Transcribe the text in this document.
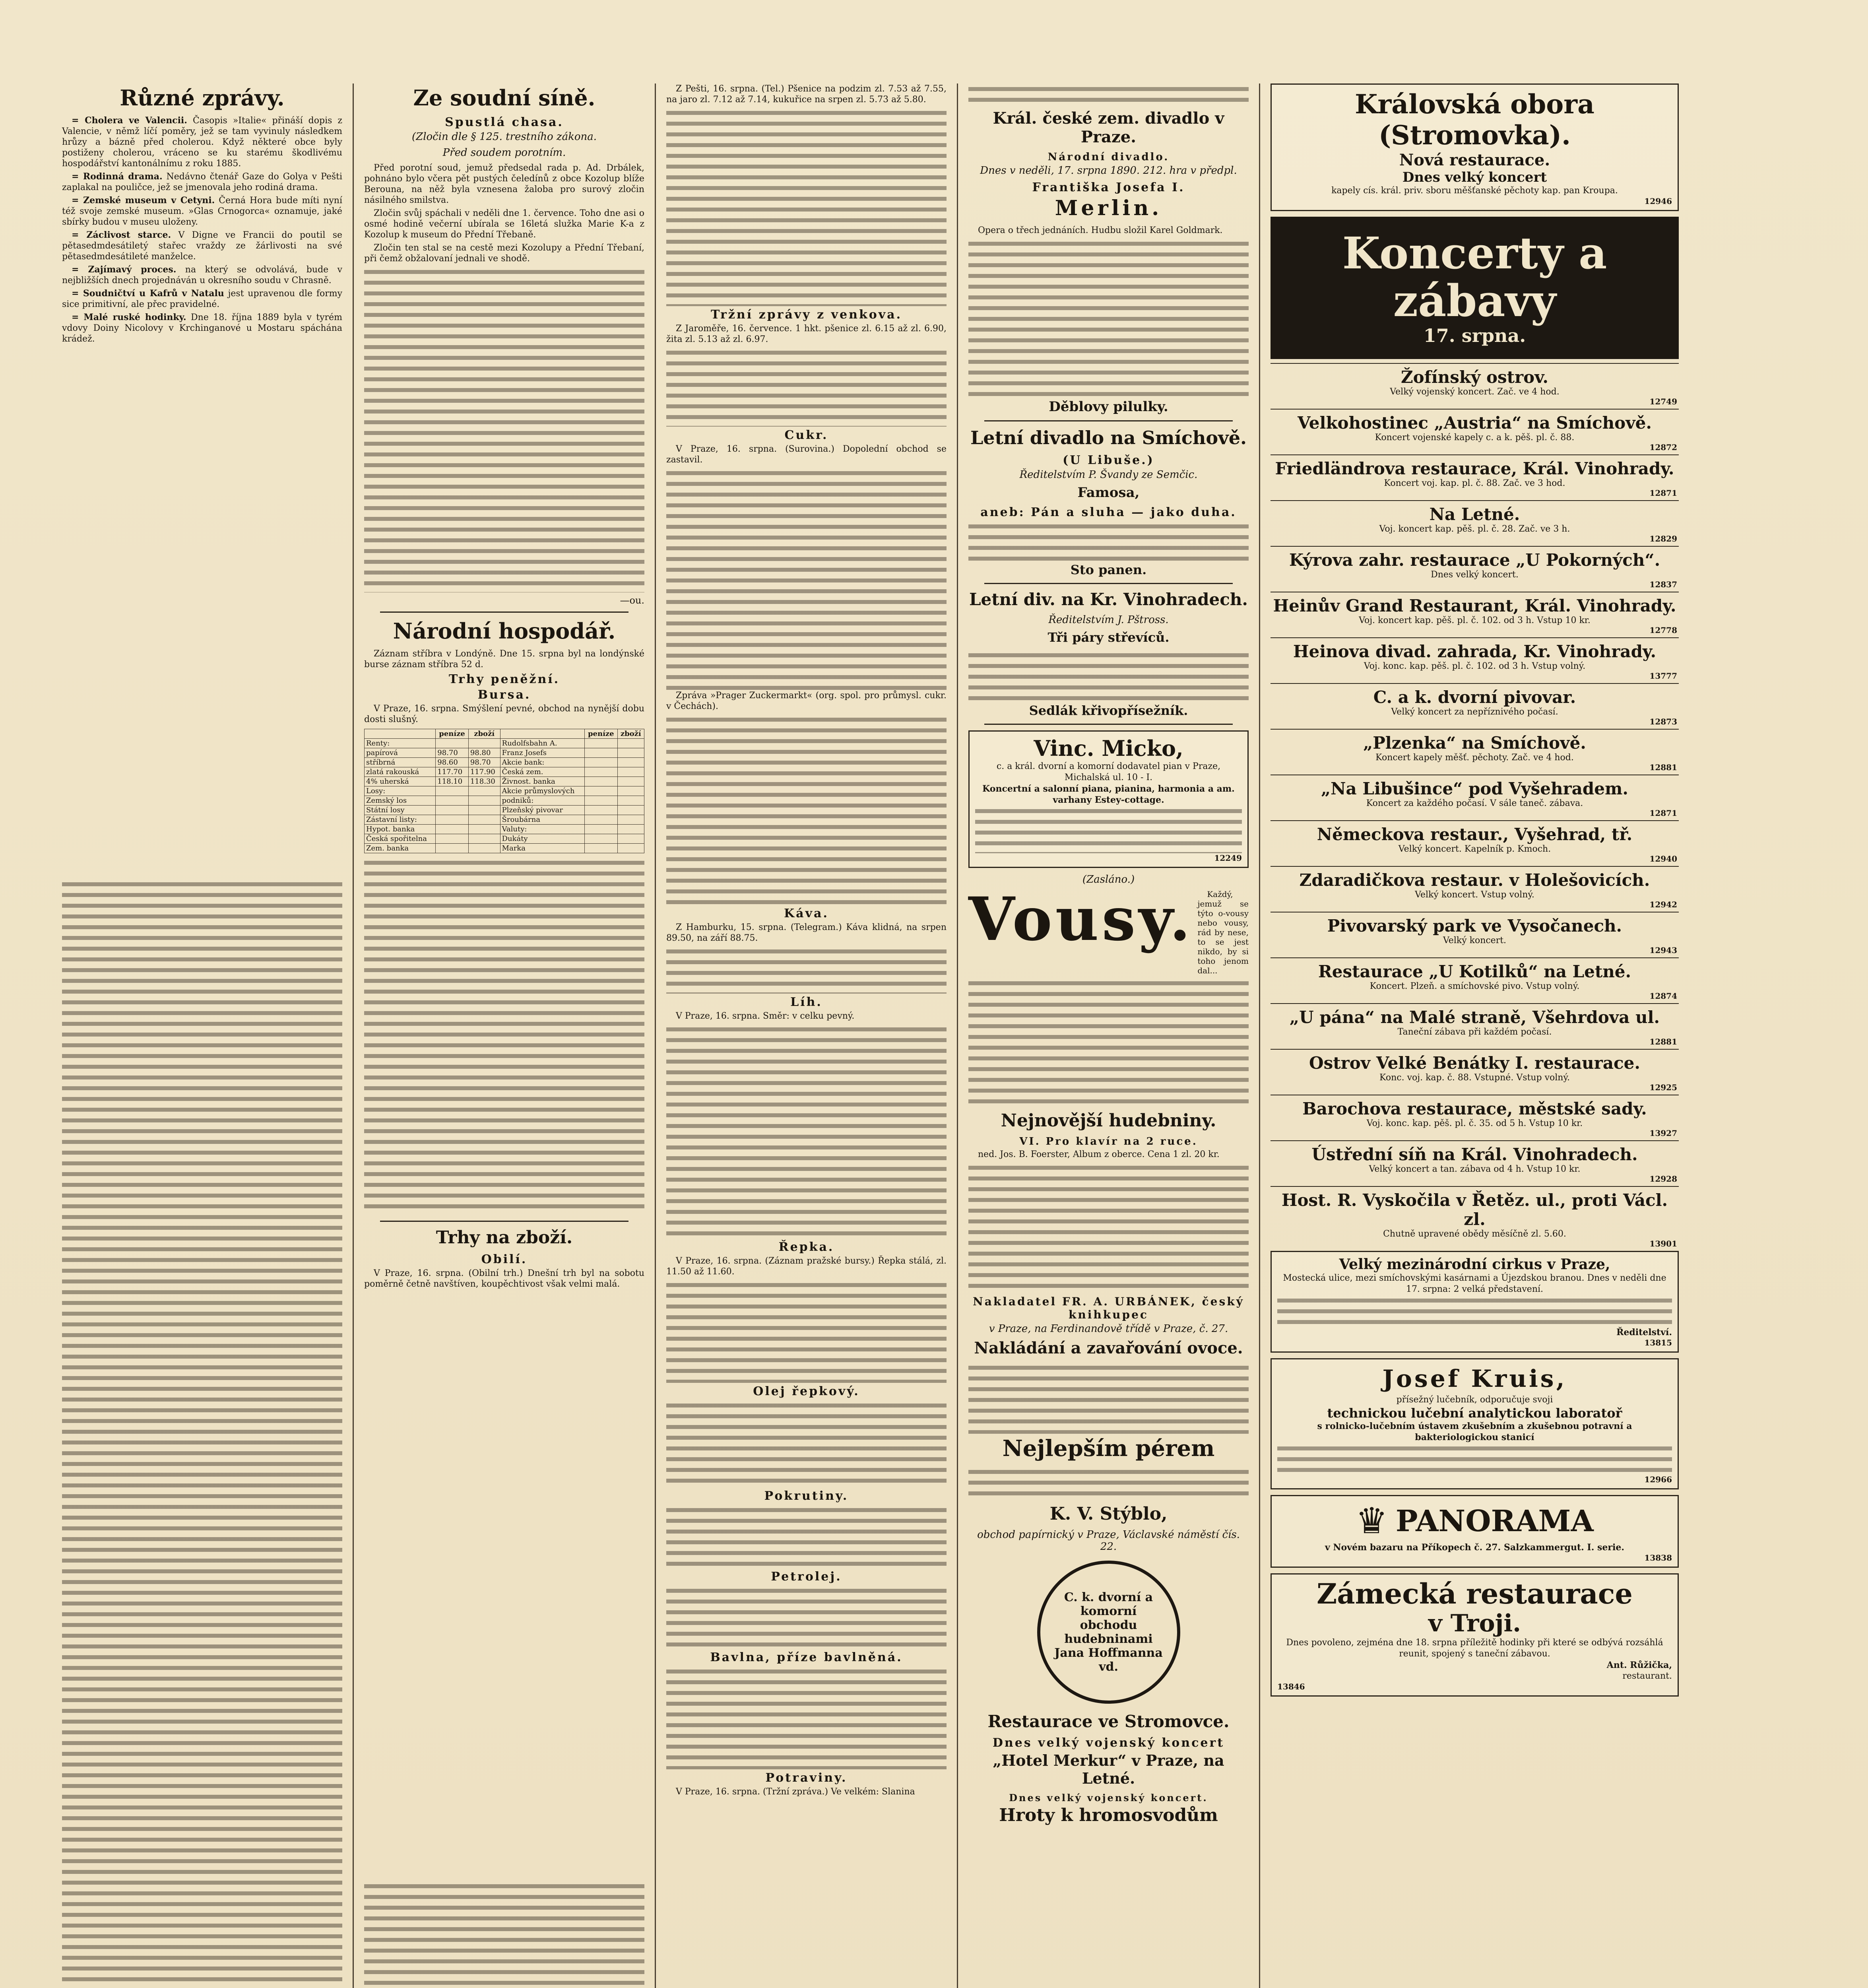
Různé zprávy.

= Cholera ve Valencii. Časopis »Italie« přináší dopis z Valencie, v němž líčí poměry, jež se tam vyvinuly následkem hrůzy a bázně před cholerou. Když některé obce byly postiženy cholerou, vráceno se ku starému škodlivému hospodářství kantonálnímu z roku 1885.

= Rodinná drama. Nedávno čtenář Gaze do Golya v Pešti zaplakal na pouličce, jež se jmenovala jeho rodiná drama.

= Zemské museum v Cetyni. Černá Hora bude míti nyní též svoje zemské museum. »Glas Crnogorca« oznamuje, jaké sbírky budou v museu uloženy.

= Záclivost starce. V Digne ve Francii do poutil se pětasedmdesátiletý stařec vraždy ze žárlivosti na své pětasedmdesátileté manželce.

= Zajímavý proces. na který se odvolává, bude v nejbližších dnech projednáván u okresního soudu v Chrasně.

= Soudničtví u Kafrů v Natalu jest upravenou dle formy sice primitivní, ale přec pravidelné.

= Malé ruské hodinky. Dne 18. října 1889 byla v tyrém vdovy Doiny Nicolovy v Krchinganové u Mostaru spáchána krádež.

Ze soudní síně.
Spustlá chasa.
(Zločin dle § 125. trestního zákona.
Před soudem porotním.

Před porotní soud, jemuž předsedal rada p. Ad. Drbálek, pohnáno bylo včera pět pustých čeledínů z obce Kozolup blíže Berouna, na něž byla vznesena žaloba pro surový zločin násilného smilstva.

Zločin svůj spáchali v neděli dne 1. července. Toho dne asi o osmé hodině večerní ubírala se 16letá služka Marie K-a z Kozolup k museum do Přední Třebaně.

Zločin ten stal se na cestě mezi Kozolupy a Přední Třebaní, při čemž obžalovaní jednali ve shodě.

—ou.
Národní hospodář.

Záznam stříbra v Londýně. Dne 15. srpna byl na londýnské burse záznam stříbra 52 d.

Trhy peněžní.
Bursa.

V Praze, 16. srpna. Smýšlení pevné, obchod na nynější dobu dosti slušný.

	peníze	zboží		peníze	zboží
Renty:			Rudolfsbahn A.		
papírová	98.70	98.80	Franz Josefs		
stříbrná	98.60	98.70	Akcie bank:		
zlatá rakouská	117.70	117.90	Česká zem.		
4% uherská	118.10	118.30	Živnost. banka		
Losy:			Akcie průmyslových		
Zemský los			podniků:		
Státní losy			Plzeňský pivovar		
Zástavní listy:			Šroubárna		
Hypot. banka			Valuty:		
Česká spořitelna			Dukáty		
Zem. banka			Marka		
Trhy na zboží.
Obilí.

V Praze, 16. srpna. (Obilní trh.) Dnešní trh byl na sobotu poměrně četně navštíven, koupěchtivost však velmi malá.

Z Pešti, 16. srpna. (Tel.) Pšenice na podzim zl. 7.53 až 7.55, na jaro zl. 7.12 až 7.14, kukuřice na srpen zl. 5.73 až 5.80.

Tržní zprávy z venkova.

Z Jaroměře, 16. července. 1 hkt. pšenice zl. 6.15 až zl. 6.90, žita zl. 5.13 až zl. 6.97.

Cukr.

V Praze, 16. srpna. (Surovina.) Dopolední obchod se zastavil.

Zpráva »Prager Zuckermarkt« (org. spol. pro průmysl. cukr. v Čechách).

Káva.

Z Hamburku, 15. srpna. (Telegram.) Káva klidná, na srpen 89.50, na září 88.75.

Líh.

V Praze, 16. srpna. Směr: v celku pevný.

Řepka.

V Praze, 16. srpna. (Záznam pražské bursy.) Řepka stálá, zl. 11.50 až 11.60.

Olej řepkový.
Pokrutiny.
Petrolej.
Bavlna, příze bavlněná.
Potraviny.

V Praze, 16. srpna. (Tržní zpráva.) Ve velkém: Slanina

Král. české zem. divadlo v Praze.
Národní divadlo.
Dnes v neděli, 17. srpna 1890. 212. hra v předpl.
Františka Josefa I.
Merlin.

Opera o třech jednáních. Hudbu složil Karel Goldmark.

Děblovy pilulky.
Letní divadlo na Smíchově.
(U Libuše.)
Ředitelstvím P. Švandy ze Semčic.
Famosa,
aneb: Pán a sluha — jako duha.
Sto panen.
Letní div. na Kr. Vinohradech.
Ředitelstvím J. Pštross.
Tři páry střevíců.
Sedlák křivopřísežník.
Vinc. Micko,
c. a král. dvorní a komorní dodavatel pian v Praze, Michalská ul. 10 - I.
Koncertní a salonní piana, pianina, harmonia a am. varhany Estey-cottage.
12249
(Zasláno.)
Vousy.	Každý, jemuž se týto o-vousy nebo vousy, rád by nese, to se jest nikdo, by si toho jenom dal...

Nejnovější hudebniny.
VI. Pro klavír na 2 ruce.

ned. Jos. B. Foerster, Album z oberce. Cena 1 zl. 20 kr.

Nakladatel FR. A. URBÁNEK, český knihkupec
v Praze, na Ferdinandově třídě v Praze, č. 27.
Nakládání a zavařování ovoce.
Nejlepším pérem
K. V. Stýblo,
obchod papírnický v Praze, Václavské náměstí čís. 22.
C. k. dvorní a komorní obchodu hudebninami Jana Hoffmanna vd.
Restaurace ve Stromovce.
Dnes velký vojenský koncert
„Hotel Merkur“ v Praze, na Letné.
Dnes velký vojenský koncert.
Hroty k hromosvodům
Královská obora (Stromovka).
Nová restaurace.
Dnes velký koncert
kapely cís. král. priv. sboru měšťanské pěchoty kap. pan Kroupa.
12946
Koncerty a zábavy
17. srpna.
Žofínský ostrov.
Velký vojenský koncert. Zač. ve 4 hod.
12749
Velkohostinec „Austria“ na Smíchově.
Koncert vojenské kapely c. a k. pěš. pl. č. 88.
12872
Friedländrova restaurace, Král. Vinohrady.
Koncert voj. kap. pl. č. 88. Zač. ve 3 hod.
12871
Na Letné.
Voj. koncert kap. pěš. pl. č. 28. Zač. ve 3 h.
12829
Kýrova zahr. restaurace „U Pokorných“.
Dnes velký koncert.
12837
Heinův Grand Restaurant, Král. Vinohrady.
Voj. koncert kap. pěš. pl. č. 102. od 3 h. Vstup 10 kr.
12778
Heinova divad. zahrada, Kr. Vinohrady.
Voj. konc. kap. pěš. pl. č. 102. od 3 h. Vstup volný.
13777
C. a k. dvorní pivovar.
Velký koncert za nepříznivého počasí.
12873
„Plzenka“ na Smíchově.
Koncert kapely měšť. pěchoty. Zač. ve 4 hod.
12881
„Na Libušince“ pod Vyšehradem.
Koncert za každého počasí. V sále taneč. zábava.
12871
Německova restaur., Vyšehrad, tř.
Velký koncert. Kapelník p. Kmoch.
12940
Zdaradičkova restaur. v Holešovicích.
Velký koncert. Vstup volný.
12942
Pivovarský park ve Vysočanech.
Velký koncert.
12943
Restaurace „U Kotilků“ na Letné.
Koncert. Plzeň. a smíchovské pivo. Vstup volný.
12874
„U pána“ na Malé straně, Všehrdova ul.
Taneční zábava při každém počasí.
12881
Ostrov Velké Benátky I. restaurace.
Konc. voj. kap. č. 88. Vstupné. Vstup volný.
12925
Barochova restaurace, městské sady.
Voj. konc. kap. pěš. pl. č. 35. od 5 h. Vstup 10 kr.
13927
Ústřední síň na Král. Vinohradech.
Velký koncert a tan. zábava od 4 h. Vstup 10 kr.
12928
Host. R. Vyskočila v Řetěz. ul., proti Václ. zl.
Chutně upravené obědy měsíčně zl. 5.60.
13901
Velký mezinárodní cirkus v Praze,
Mostecká ulice, mezi smíchovskými kasárnami a Újezdskou branou. Dnes v neděli dne 17. srpna: 2 velká představení.
Ředitelství.
13815
Josef Kruis,
přísežný lučebník, odporučuje svoji
technickou lučební analytickou laboratoř
s rolnicko-lučebním ústavem zkušebním a zkušebnou potravní a bakteriologickou stanicí
12966
♛ PANORAMA
v Novém bazaru na Příkopech č. 27. Salzkammergut. I. serie.
13838
Zámecká restaurace
v Troji.
Dnes povoleno, zejména dne 18. srpna příležitě hodinky při které se odbývá rozsáhlá reunit, spojený s taneční zábavou.
Ant. Růžička,
restaurant.
13846
